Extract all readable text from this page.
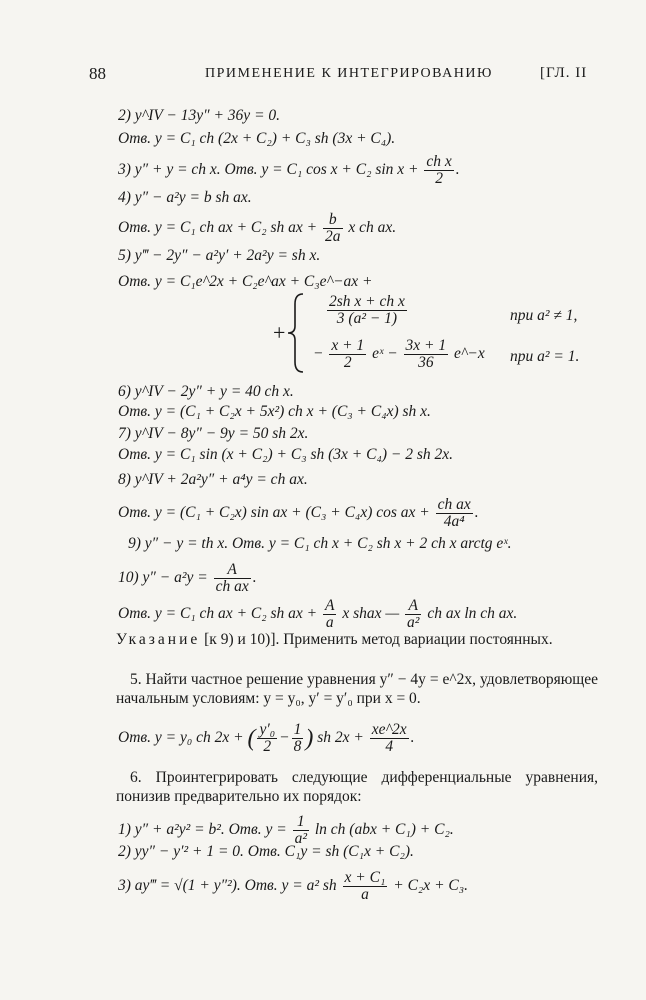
88	ПРИМЕНЕНИЕ К ИНТЕГРИРОВАНИЮ	[ГЛ. II
2) y^IV − 13y″ + 36y = 0.
Отв. y = C₁ ch (2x + C₂) + C₃ sh (3x + C₄).
3) y″ + y = ch x. Отв. y = C₁ cos x + C₂ $\sin x + \frac{\text{ch x}}{2}$ .
4) y″ − a²y = b sh ax.
Отв. y = C₁ ch ax + C₂ sh ax + $\frac{b}{2a}$ x ch ax.
5) y‴ − 2y″ − a²y′ + 2a²y = sh x.
Отв. y = C₁e^2x + C₂e^ax + C₃e^−ax +
+
$\frac{\text{2sh x + ch x}}{\text{3 (a² − 1)}}$	при a² ≠ 1,
− $\frac{x + 1}{2}$ eˣ − $\frac{3x + 1}{36}$ e^−x при a² = 1.
6) y^IV − 2y″ + y = 40 ch x.
Отв. y = (C₁ + C₂x + 5x²) ch x + (C₃ + C₄x) sh x.
7) y^IV − 8y″ − 9y = 50 sh 2x.
Отв. y = C₁ sin (x + C₂) + C₃ sh (3x + C₄) − 2 sh 2x.
8) y^IV + 2a²y″ + a⁴y = ch ax.
Отв. y = (C₁ + C₂x) sin ax + (C₃ + C₄x) cos ax + $\frac{\text{ch ax}}{\text{4a⁴}}$ .
9) y″ − y = th x. Отв. y = C₁ ch x + C₂ sh x + 2 ch x arctg eˣ.
10) $y'' - a^2y = \frac{A}{\text{ch ax}}$ .
Отв. y = C₁ ch ax + C₂ sh ax + $\frac{A}{a}$ x shax — $\frac{A}{\text{a²}}$ ch ax ln ch ax.
Указание [к 9) и 10)]. Применить метод вариации постоянных.
5. Найти частное решение уравнения y″ − 4y = e^2x, удовлетворяющее начальным условиям: y = y₀, y′ = y′₀ при x = 0.
Отв. y = y₀ ch 2x + ( $\frac{\text{y′₀}}{2} - \frac{1}{8}$ ) sh $2x + \frac{xe\^{}2x}{4}$ .
6. Проинтегрировать следующие дифференциальные уравнения, понизив предварительно их порядок:
1) y″ + a²y² = b². Отв. $y = \frac{1}{\text{a²}}$ ln ch (abx + C₁) + C₂.
2) yy″ − y′² + 1 = 0. Отв. C₁y = sh (C₁x + C₂).
3) ay‴ = √(1 + y″²). Отв. y = a² sh $\frac{\text{x + C₁}}{a} + C_2x + C_3$.
